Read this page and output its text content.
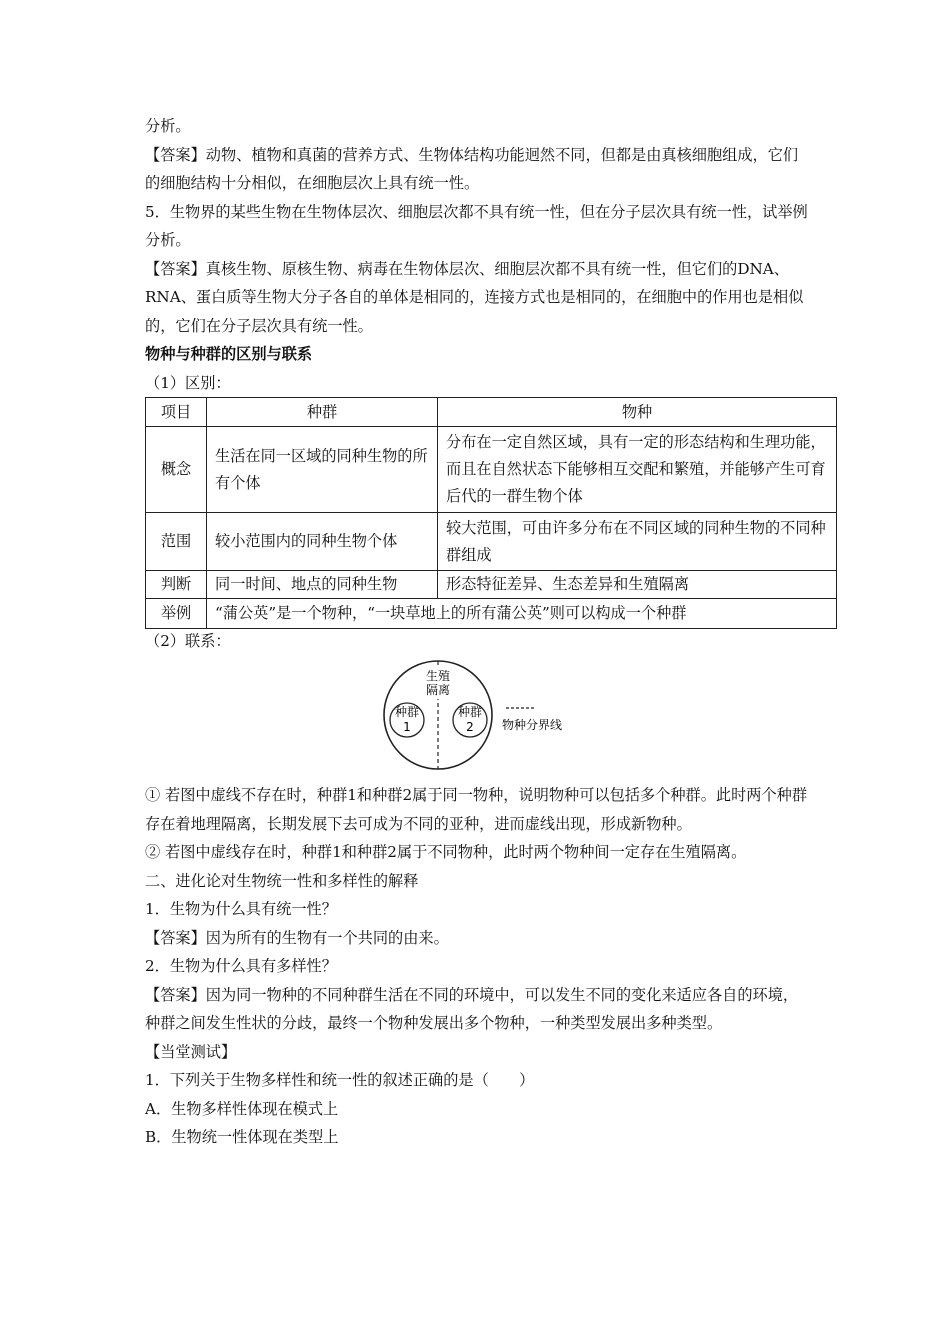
分析。

【答案】动物、植物和真菌的营养方式、生物体结构功能迥然不同，但都是由真核细胞组成，它们的细胞结构十分相似，在细胞层次上具有统一性。

5．生物界的某些生物在生物体层次、细胞层次都不具有统一性，但在分子层次具有统一性，试举例分析。

【答案】真核生物、原核生物、病毒在生物体层次、细胞层次都不具有统一性，但它们的DNA、RNA、蛋白质等生物大分子各自的单体是相同的，连接方式也是相同的，在细胞中的作用也是相似的，它们在分子层次具有统一性。

物种与种群的区别与联系

（1）区别：

项目	种群	物种
概念	生活在同一区域的同种生物的所有个体	分布在一定自然区域，具有一定的形态结构和生理功能，而且在自然状态下能够相互交配和繁殖，并能够产生可育后代的一群生物个体
范围	较小范围内的同种生物个体	较大范围，可由许多分布在不同区域的同种生物的不同种群组成
判断	同一时间、地点的同种生物	形态特征差异、生态差异和生殖隔离
举例	“蒲公英”是一个物种，“一块草地上的所有蒲公英”则可以构成一个种群	

（2）联系：

生殖
隔离
种群
1
种群
2 物种分界线

① 若图中虚线不存在时，种群1和种群2属于同一物种，说明物种可以包括多个种群。此时两个种群存在着地理隔离，长期发展下去可成为不同的亚种，进而虚线出现，形成新物种。

② 若图中虚线存在时，种群1和种群2属于不同物种，此时两个物种间一定存在生殖隔离。

二、进化论对生物统一性和多样性的解释

1．生物为什么具有统一性？

【答案】因为所有的生物有一个共同的由来。

2．生物为什么具有多样性？

【答案】因为同一物种的不同种群生活在不同的环境中，可以发生不同的变化来适应各自的环境，种群之间发生性状的分歧，最终一个物种发展出多个物种，一种类型发展出多种类型。

【当堂测试】

1．下列关于生物多样性和统一性的叙述正确的是（　　）

A．生物多样性体现在模式上

B．生物统一性体现在类型上
